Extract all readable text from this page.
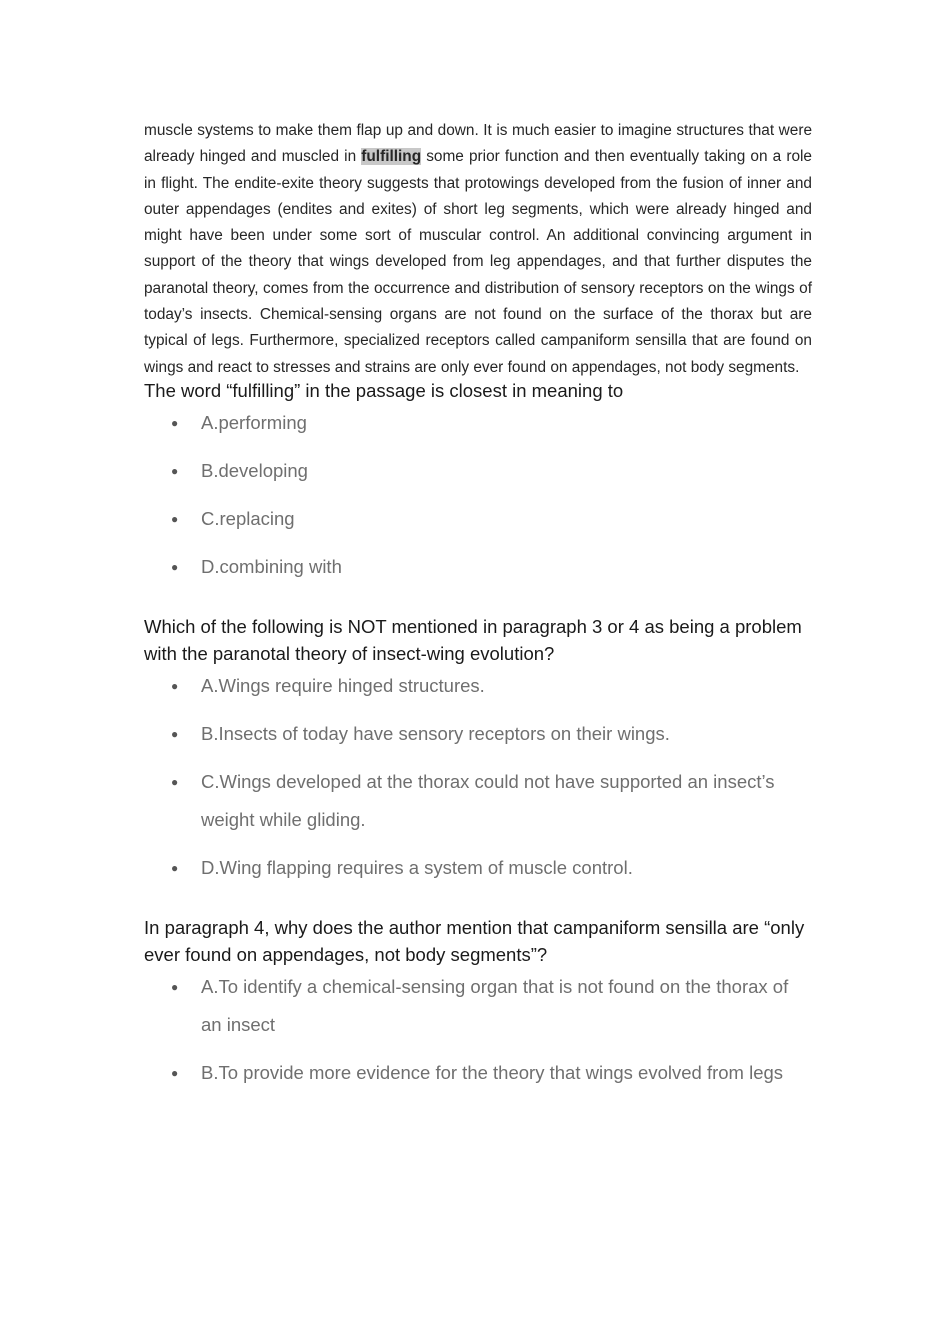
muscle systems to make them flap up and down. It is much easier to imagine structures that were already hinged and muscled in fulfilling some prior function and then eventually taking on a role in flight. The endite-exite theory suggests that protowings developed from the fusion of inner and outer appendages (endites and exites) of short leg segments, which were already hinged and might have been under some sort of muscular control. An additional convincing argument in support of the theory that wings developed from leg appendages, and that further disputes the paranotal theory, comes from the occurrence and distribution of sensory receptors on the wings of today’s insects. Chemical-sensing organs are not found on the surface of the thorax but are typical of legs. Furthermore, specialized receptors called campaniform sensilla that are found on wings and react to stresses and strains are only ever found on appendages, not body segments.

The word “fulfilling” in the passage is closest in meaning to

● A.performing
● B.developing
● C.replacing
● D.combining with

Which of the following is NOT mentioned in paragraph 3 or 4 as being a problem with the paranotal theory of insect-wing evolution?

● A.Wings require hinged structures.
● B.Insects of today have sensory receptors on their wings.
● C.Wings developed at the thorax could not have supported an insect’s weight while gliding.
● D.Wing flapping requires a system of muscle control.

In paragraph 4, why does the author mention that campaniform sensilla are “only ever found on appendages, not body segments”?

● A.To identify a chemical-sensing organ that is not found on the thorax of an insect
● B.To provide more evidence for the theory that wings evolved from legs
